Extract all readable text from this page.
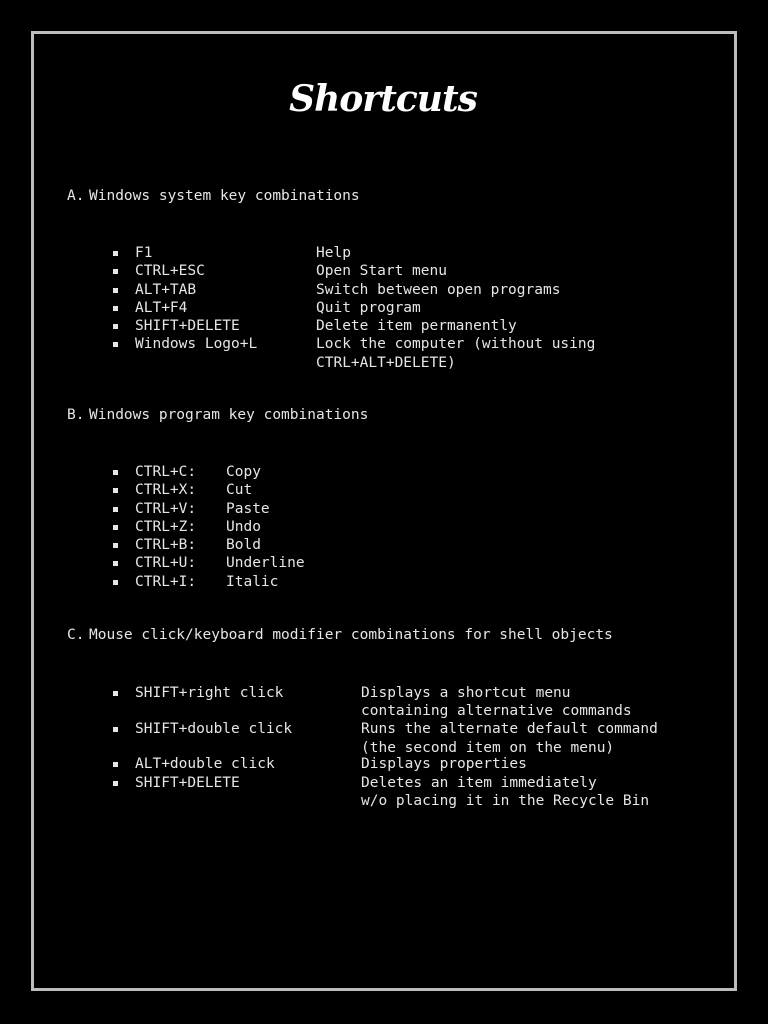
Shortcuts
A. Windows system key combinations

F1

	Help

CTRL+ESC

	Open Start menu

ALT+TAB

	Switch between open programs

ALT+F4

	Quit program

SHIFT+DELETE

	Delete item permanently

Windows Logo+L

	Lock the computer (without using
CTRL+ALT+DELETE)

B. Windows program key combinations

CTRL+C:

Copy

CTRL+X:

Cut

CTRL+V:

Paste

CTRL+Z:

Undo

CTRL+B:

Bold

CTRL+U:

Underline

CTRL+I:

Italic

C. Mouse click/keyboard modifier combinations for shell objects

SHIFT+right click

	Displays a shortcut menu
containing alternative commands

SHIFT+double click

	Runs the alternate default command
(the second item on the menu)

ALT+double click

	Displays properties

SHIFT+DELETE

	Deletes an item immediately
w/o placing it in the Recycle Bin
